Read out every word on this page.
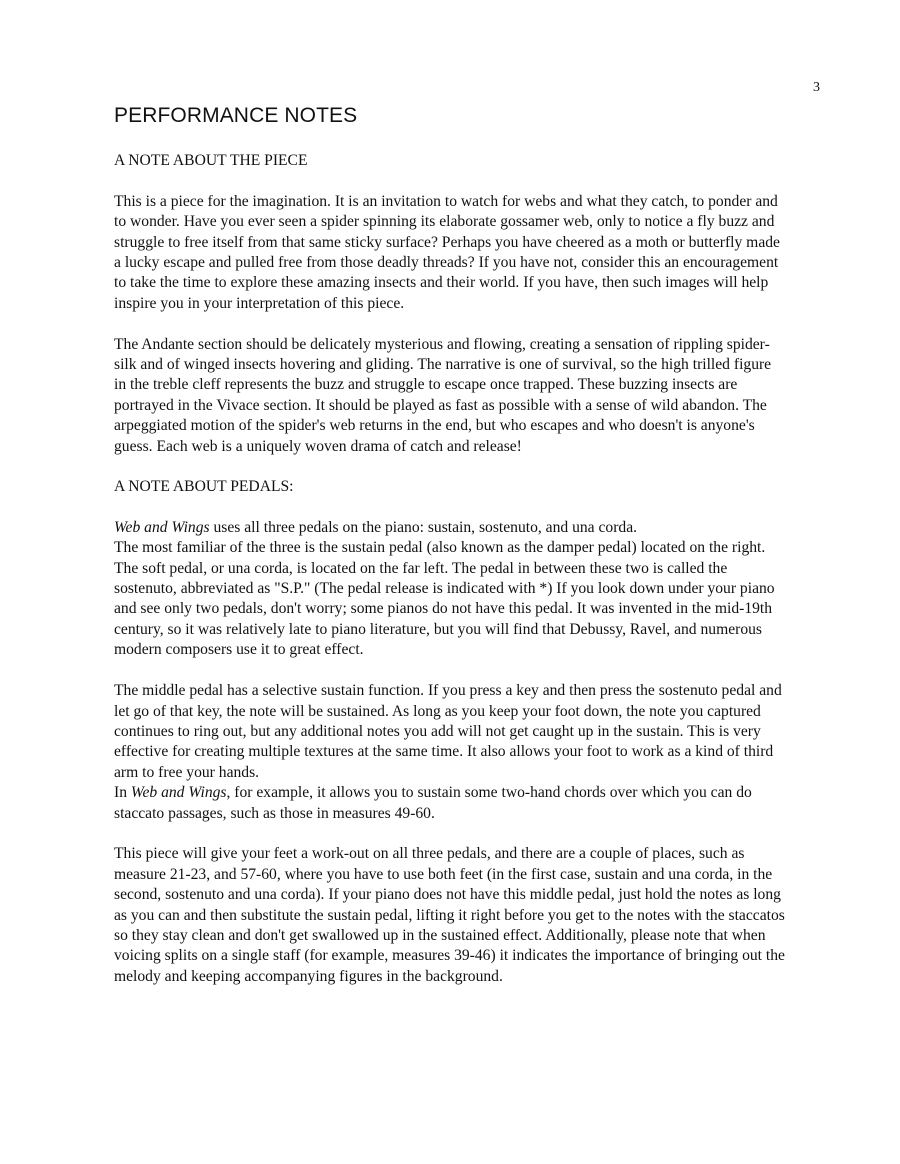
3
PERFORMANCE NOTES
A NOTE ABOUT THE PIECE

This is a piece for the imagination. It is an invitation to watch for webs and what they catch, to ponder and to wonder. Have you ever seen a spider spinning its elaborate gossamer web, only to notice a fly buzz and struggle to free itself from that same sticky surface? Perhaps you have cheered as a moth or butterfly made a lucky escape and pulled free from those deadly threads? If you have not, consider this an encouragement to take the time to explore these amazing insects and their world. If you have, then such images will help inspire you in your interpretation of this piece.

The Andante section should be delicately mysterious and flowing, creating a sensation of rippling spider-silk and of winged insects hovering and gliding. The narrative is one of survival, so the high trilled figure in the treble cleff represents the buzz and struggle to escape once trapped. These buzzing insects are portrayed in the Vivace section. It should be played as fast as possible with a sense of wild abandon. The arpeggiated motion of the spider's web returns in the end, but who escapes and who doesn't is anyone's guess. Each web is a uniquely woven drama of catch and release!

A NOTE ABOUT PEDALS:

Web and Wings uses all three pedals on the piano: sustain, sostenuto, and una corda.
The most familiar of the three is the sustain pedal (also known as the damper pedal) located on the right. The soft pedal, or una corda, is located on the far left. The pedal in between these two is called the sostenuto, abbreviated as "S.P." (The pedal release is indicated with *) If you look down under your piano and see only two pedals, don't worry; some pianos do not have this pedal. It was invented in the mid-19th century, so it was relatively late to piano literature, but you will find that Debussy, Ravel, and numerous modern composers use it to great effect.

The middle pedal has a selective sustain function. If you press a key and then press the sostenuto pedal and let go of that key, the note will be sustained. As long as you keep your foot down, the note you captured continues to ring out, but any additional notes you add will not get caught up in the sustain. This is very effective for creating multiple textures at the same time. It also allows your foot to work as a kind of third arm to free your hands.
In Web and Wings, for example, it allows you to sustain some two-hand chords over which you can do staccato passages, such as those in measures 49-60.

This piece will give your feet a work-out on all three pedals, and there are a couple of places, such as measure 21-23, and 57-60, where you have to use both feet (in the first case, sustain and una corda, in the second, sostenuto and una corda). If your piano does not have this middle pedal, just hold the notes as long as you can and then substitute the sustain pedal, lifting it right before you get to the notes with the staccatos so they stay clean and don't get swallowed up in the sustained effect. Additionally, please note that when voicing splits on a single staff (for example, measures 39-46) it indicates the importance of bringing out the melody and keeping accompanying figures in the background.
